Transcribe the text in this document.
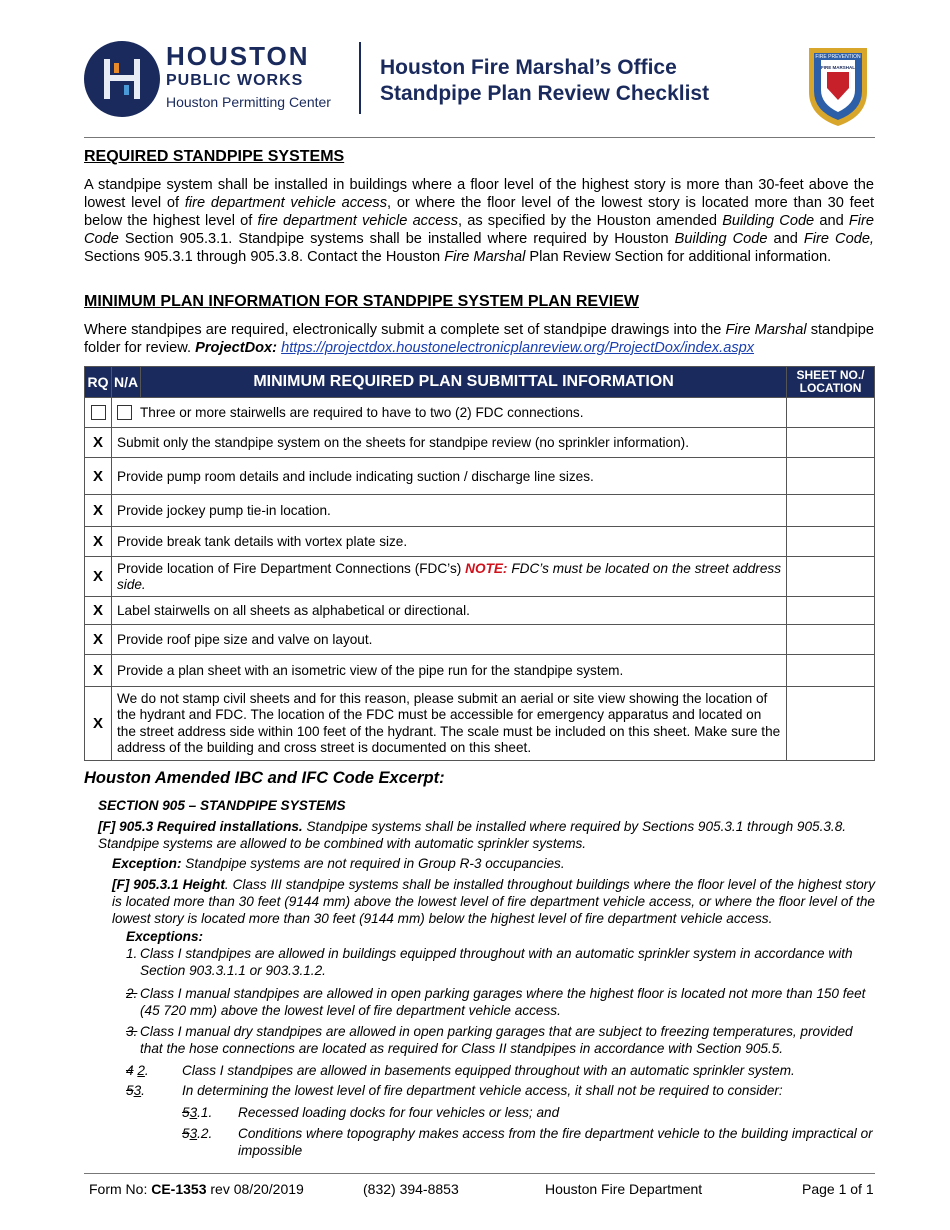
HOUSTON
PUBLIC WORKS
Houston Permitting Center
Houston Fire Marshal’s Office
Standpipe Plan Review Checklist
FIRE PREVENTION
FIRE MARSHAL
REQUIRED STANDPIPE SYSTEMS

A standpipe system shall be installed in buildings where a floor level of the highest story is more than 30-feet above the lowest level of fire department vehicle access, or where the floor level of the lowest story is located more than 30 feet below the highest level of fire department vehicle access, as specified by the Houston amended Building Code and Fire Code Section 905.3.1. Standpipe systems shall be installed where required by Houston Building Code and Fire Code, Sections 905.3.1 through 905.3.8. Contact the Houston Fire Marshal Plan Review Section for additional information.

MINIMUM PLAN INFORMATION FOR STANDPIPE SYSTEM PLAN REVIEW

Where standpipes are required, electronically submit a complete set of standpipe drawings into the Fire Marshal standpipe folder for review. ProjectDox: https://projectdox.houstonelectronicplanreview.org/ProjectDox/index.aspx

RQ	N/A	MINIMUM REQUIRED PLAN SUBMITTAL INFORMATION	SHEET NO./
LOCATION

	Three or more stairwells are required to have to two (2) FDC connections.		
X	Submit only the standpipe system on the sheets for standpipe review (no sprinkler information).		
X	Provide pump room details and include indicating suction / discharge line sizes.		
X	Provide jockey pump tie-in location.		
X	Provide break tank details with vortex plate size.		
X	Provide location of Fire Department Connections (FDC’s) NOTE: FDC’s must be located on the street address side.		
X	Label stairwells on all sheets as alphabetical or directional.		
X	Provide roof pipe size and valve on layout.		
X	Provide a plan sheet with an isometric view of the pipe run for the standpipe system.		
X	We do not stamp civil sheets and for this reason, please submit an aerial or site view showing the location of the hydrant and FDC. The location of the FDC must be accessible for emergency apparatus and located on the street address side within 100 feet of the hydrant. The scale must be included on this sheet. Make sure the address of the building and cross street is documented on this sheet.		
Houston Amended IBC and IFC Code Excerpt:
SECTION 905 – STANDPIPE SYSTEMS
[F] 905.3 Required installations. Standpipe systems shall be installed where required by Sections 905.3.1 through 905.3.8. Standpipe systems are allowed to be combined with automatic sprinkler systems.
Exception: Standpipe systems are not required in Group R-3 occupancies.
[F] 905.3.1 Height. Class III standpipe systems shall be installed throughout buildings where the floor level of the highest story is located more than 30 feet (9144 mm) above the lowest level of fire department vehicle access, or where the floor level of the lowest story is located more than 30 feet (9144 mm) below the highest level of fire department vehicle access.
Exceptions:
1. Class I standpipes are allowed in buildings equipped throughout with an automatic sprinkler system in accordance with Section 903.3.1.1 or 903.3.1.2.
2. Class I manual standpipes are allowed in open parking garages where the highest floor is located not more than 150 feet (45 720 mm) above the lowest level of fire department vehicle access.
3. Class I manual dry standpipes are allowed in open parking garages that are subject to freezing temperatures, provided that the hose connections are located as required for Class II standpipes in accordance with Section 905.5.
4 2. Class I standpipes are allowed in basements equipped throughout with an automatic sprinkler system.
53.	In determining the lowest level of fire department vehicle access, it shall not be required to consider:
53.1. Recessed loading docks for four vehicles or less; and
53.2. Conditions where topography makes access from the fire department vehicle to the building impractical or impossible
Form No: CE-1353 rev 08/20/2019	(832) 394-8853	Houston Fire Department	Page 1 of 1
